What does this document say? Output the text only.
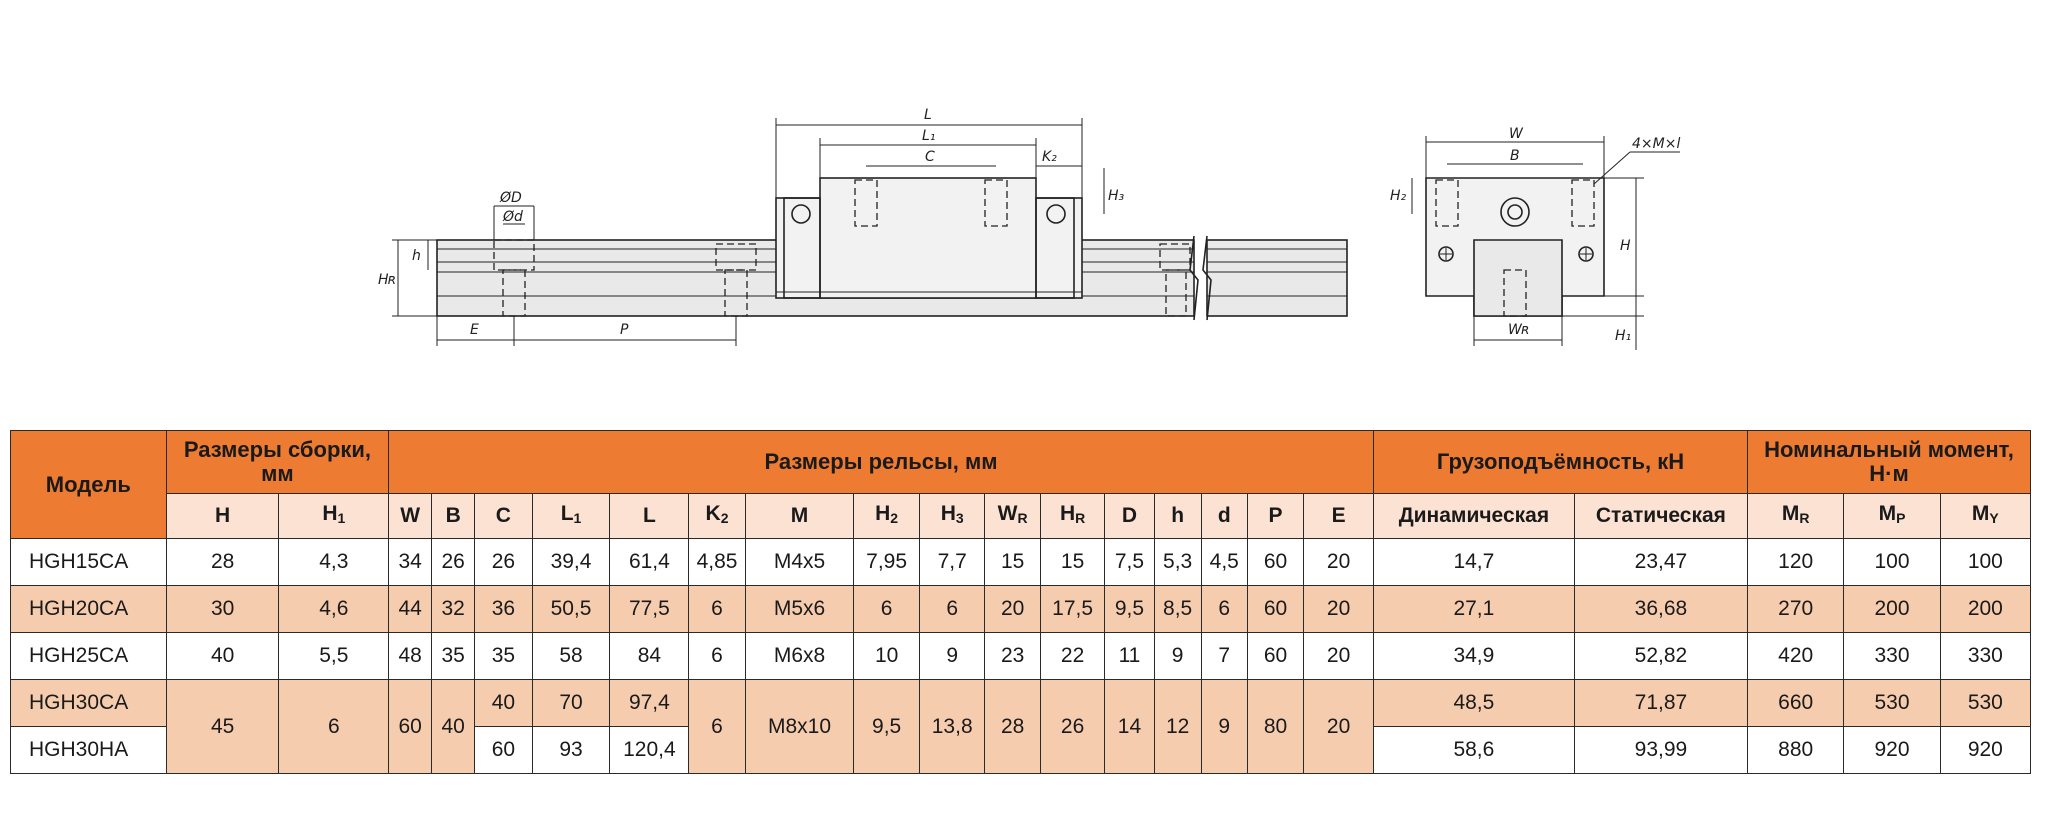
L
L₁
C	K₂
H₃
ØD
Ød
h
Hʀ
E	P
W
B
4×M×l
H₂
H
Wʀ	H₁
Модель	Размеры сборки, мм		Размеры рельсы, мм																Грузоподъёмность, кН		Номинальный момент, Н·м		
	H	$H_1$	W	B	C	$L_1$	L	$K_2$	M	$H_2$	$H_3$	$W_R$	$H_R$	D	h	d	P	E	Динамическая	Статическая	$M_R$	$M_P$	$M_Y$
HGH15CA	28	4,3	34	26	26	39,4	61,4	4,85	M4x5	7,95	7,7	15	15	7,5	5,3	4,5	60	20	14,7	23,47	120	100	100
HGH20CA	30	4,6	44	32	36	50,5	77,5	6	M5x6	6	6	20	17,5	9,5	8,5	6	60	20	27,1	36,68	270	200	200
HGH25CA	40	5,5	48	35	35	58	84	6	M6x8	10	9	23	22	11	9	7	60	20	34,9	52,82	420	330	330
HGH30CA	45	6	60	40	40	70	97,4	6	M8x10	9,5	13,8	28	26	14	12	9	80	20	48,5	71,87	660	530	530
HGH30HA					60	93	120,4												58,6	93,99	880	920	920
